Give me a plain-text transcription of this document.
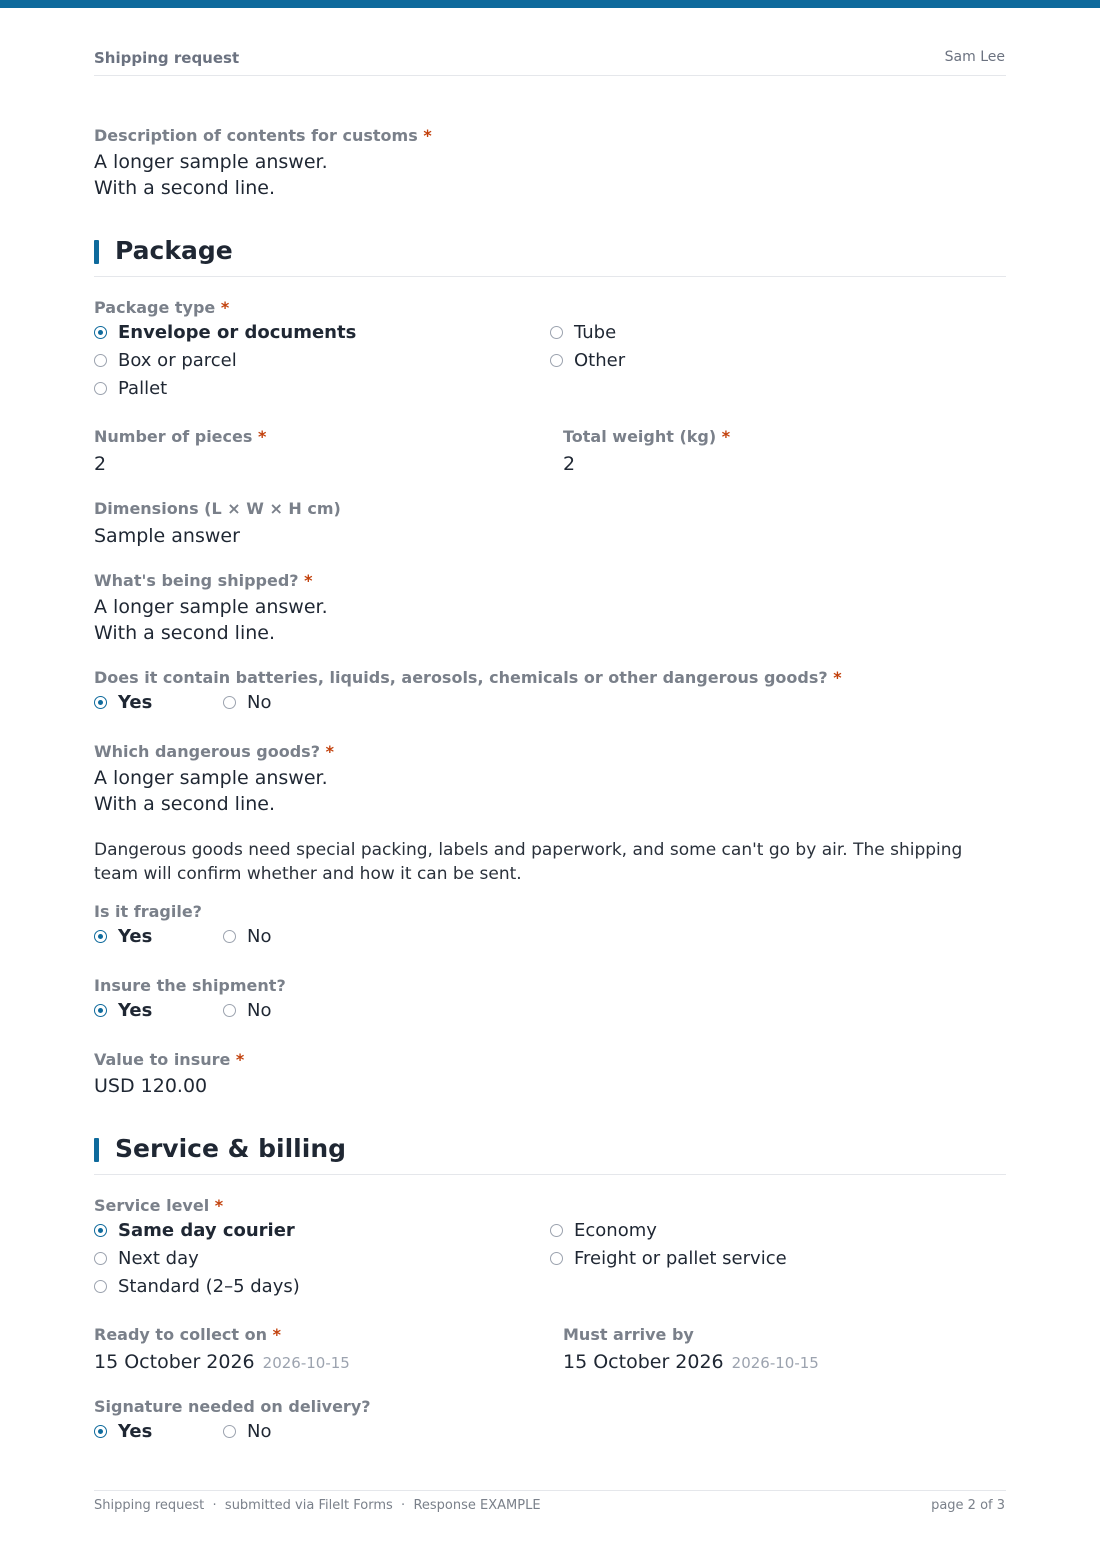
Shipping request	Sam Lee
Description of contents for customs *
A longer sample answer.
With a second line.
Package
Package type *
Envelope or documents
Box or parcel
Pallet
Tube
Other
Number of pieces *
2
Total weight (kg) *
2
Dimensions (L × W × H cm)
Sample answer
What's being shipped? *
A longer sample answer.
With a second line.
Does it contain batteries, liquids, aerosols, chemicals or other dangerous goods? *
Yes	No
Which dangerous goods? *
A longer sample answer.
With a second line.
Dangerous goods need special packing, labels and paperwork, and some can't go by air. The shipping team will confirm whether and how it can be sent.
Is it fragile?
Yes	No
Insure the shipment?
Yes	No
Value to insure *
USD 120.00
Service & billing
Service level *
Same day courier
Next day
Standard (2–5 days)
Economy
Freight or pallet service
Ready to collect on *
15 October 2026 2026-10-15
Must arrive by
15 October 2026 2026-10-15
Signature needed on delivery?
Yes	No
Shipping request  ·  submitted via FileIt Forms  ·  Response EXAMPLE	page 2 of 3
